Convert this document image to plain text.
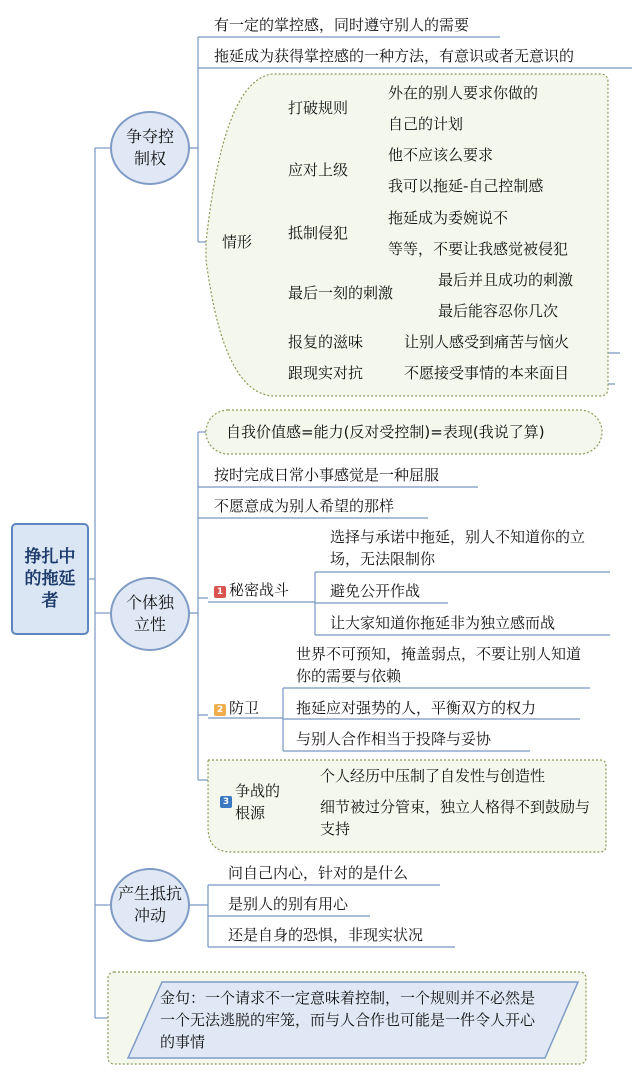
挣扎中的拖延者
争夺控制权
有一定的掌控感，同时遵守别人的需要
拖延成为获得掌控感的一种方法，有意识或者无意识的
情形
打破规则
外在的别人要求你做的
自己的计划
应对上级
他不应该么要求
我可以拖延-自己控制感
抵制侵犯
拖延成为委婉说不
等等，不要让我感觉被侵犯
最后一刻的刺激
最后并且成功的刺激
最后能容忍你几次
报复的滋味	让别人感受到痛苦与恼火
跟现实对抗	不愿接受事情的本来面目
个体独立性
自我价值感=能力(反对受控制)=表现(我说了算)
按时完成日常小事感觉是一种屈服
不愿意成为别人希望的那样
1 秘密战斗
选择与承诺中拖延，别人不知道你的立场，无法限制你
避免公开作战
让大家知道你拖延非为独立感而战
2 防卫
世界不可预知，掩盖弱点，不要让别人知道你的需要与依赖
拖延应对强势的人，平衡双方的权力
与别人合作相当于投降与妥协
3
争战的根源
个人经历中压制了自发性与创造性
细节被过分管束，独立人格得不到鼓励与支持
产生抵抗冲动
问自己内心，针对的是什么
是别人的别有用心
还是自身的恐惧，非现实状况
金句：一个请求不一定意味着控制，一个规则并不必然是一个无法逃脱的牢笼，而与人合作也可能是一件令人开心的事情
